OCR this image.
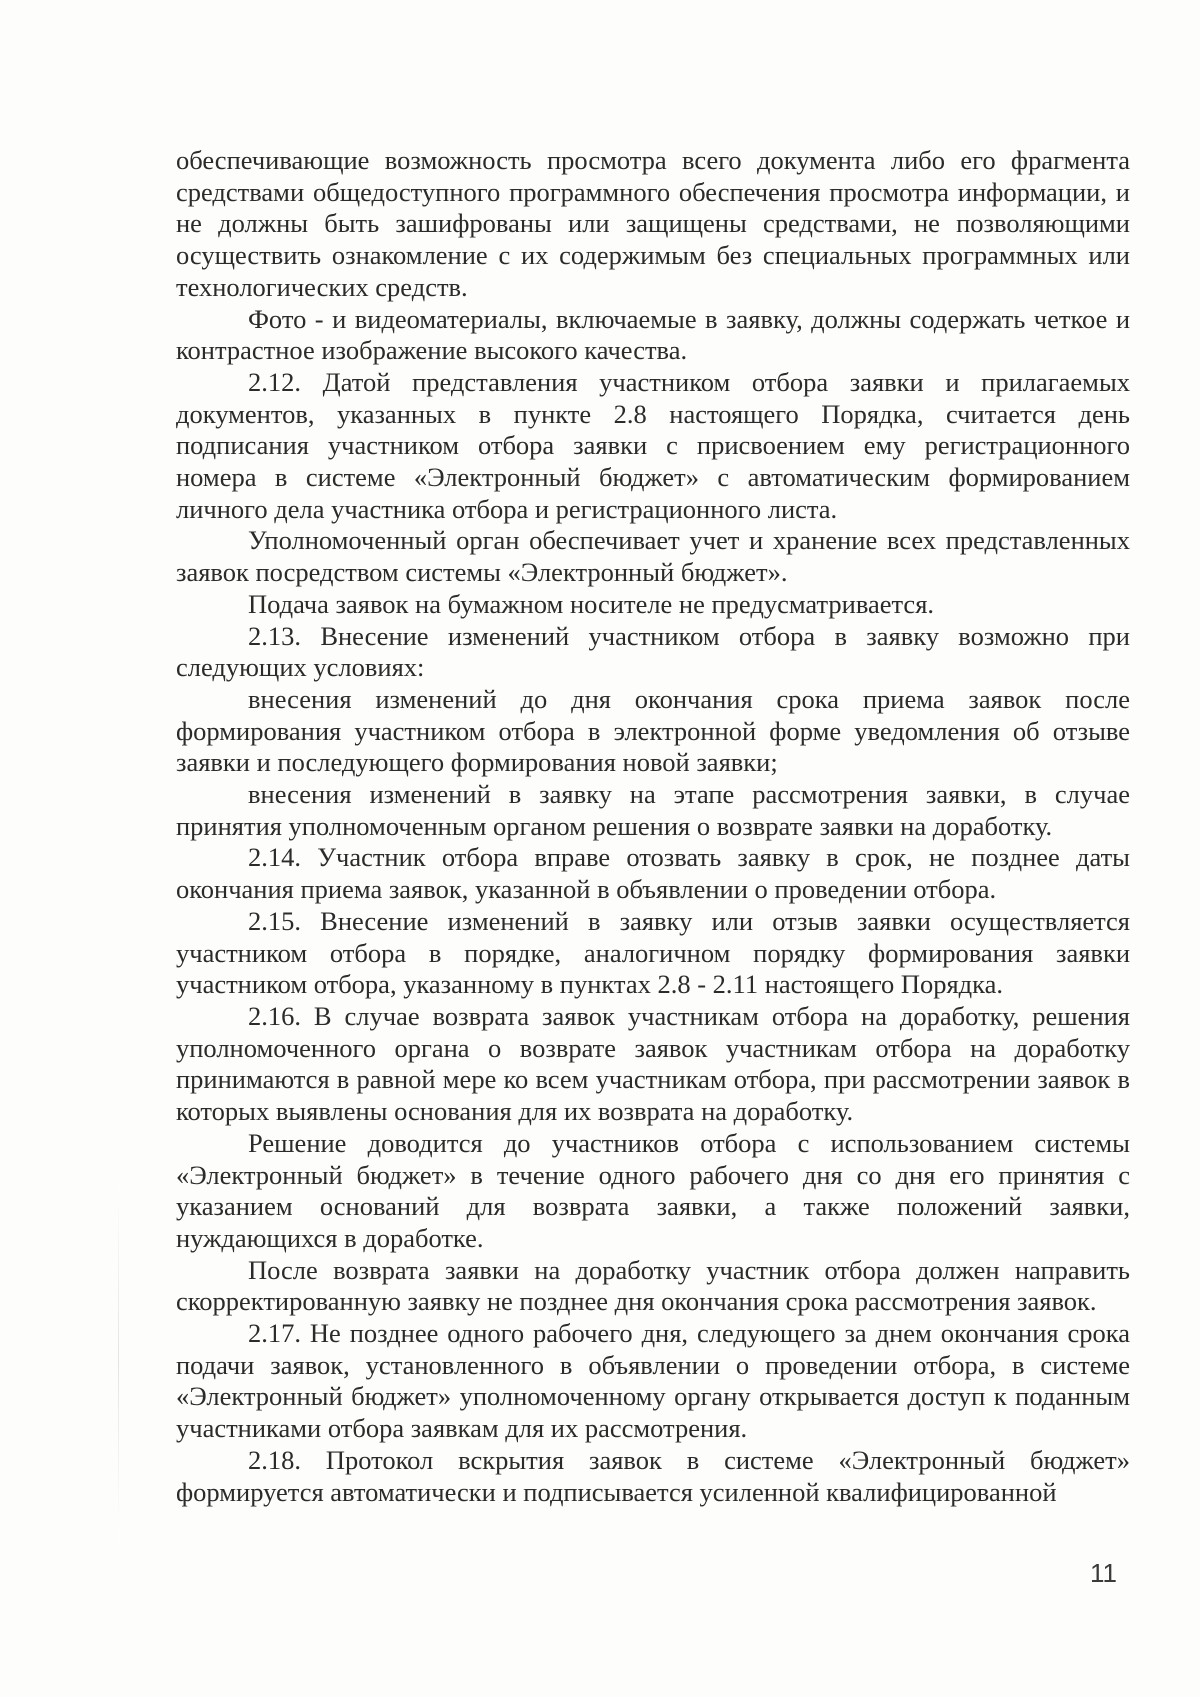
обеспечивающие возможность просмотра всего документа либо его фрагмента средствами общедоступного программного обеспечения просмотра информации, и не должны быть зашифрованы или защищены средствами, не позволяющими осуществить ознакомление с их содержимым без специальных программных или технологических средств.

Фото - и видеоматериалы, включаемые в заявку, должны содержать четкое и контрастное изображение высокого качества.

2.12. Датой представления участником отбора заявки и прилагаемых документов, указанных в пункте 2.8 настоящего Порядка, считается день подписания участником отбора заявки с присвоением ему регистрационного номера в системе «Электронный бюджет» с автоматическим формированием личного дела участника отбора и регистрационного листа.

Уполномоченный орган обеспечивает учет и хранение всех представленных заявок посредством системы «Электронный бюджет».

Подача заявок на бумажном носителе не предусматривается.

2.13. Внесение изменений участником отбора в заявку возможно при следующих условиях:

внесения изменений до дня окончания срока приема заявок после формирования участником отбора в электронной форме уведомления об отзыве заявки и последующего формирования новой заявки;

внесения изменений в заявку на этапе рассмотрения заявки, в случае принятия уполномоченным органом решения о возврате заявки на доработку.

2.14. Участник отбора вправе отозвать заявку в срок, не позднее даты окончания приема заявок, указанной в объявлении о проведении отбора.

2.15. Внесение изменений в заявку или отзыв заявки осуществляется участником отбора в порядке, аналогичном порядку формирования заявки участником отбора, указанному в пунктах 2.8 - 2.11 настоящего Порядка.

2.16. В случае возврата заявок участникам отбора на доработку, решения уполномоченного органа о возврате заявок участникам отбора на доработку принимаются в равной мере ко всем участникам отбора, при рассмотрении заявок в которых выявлены основания для их возврата на доработку.

Решение доводится до участников отбора с использованием системы «Электронный бюджет» в течение одного рабочего дня со дня его принятия с указанием оснований для возврата заявки, а также положений заявки, нуждающихся в доработке.

После возврата заявки на доработку участник отбора должен направить скорректированную заявку не позднее дня окончания срока рассмотрения заявок.

2.17. Не позднее одного рабочего дня, следующего за днем окончания срока подачи заявок, установленного в объявлении о проведении отбора, в системе «Электронный бюджет» уполномоченному органу открывается доступ к поданным участниками отбора заявкам для их рассмотрения.

2.18. Протокол вскрытия заявок в системе «Электронный бюджет» формируется автоматически и подписывается усиленной квалифицированной

11
